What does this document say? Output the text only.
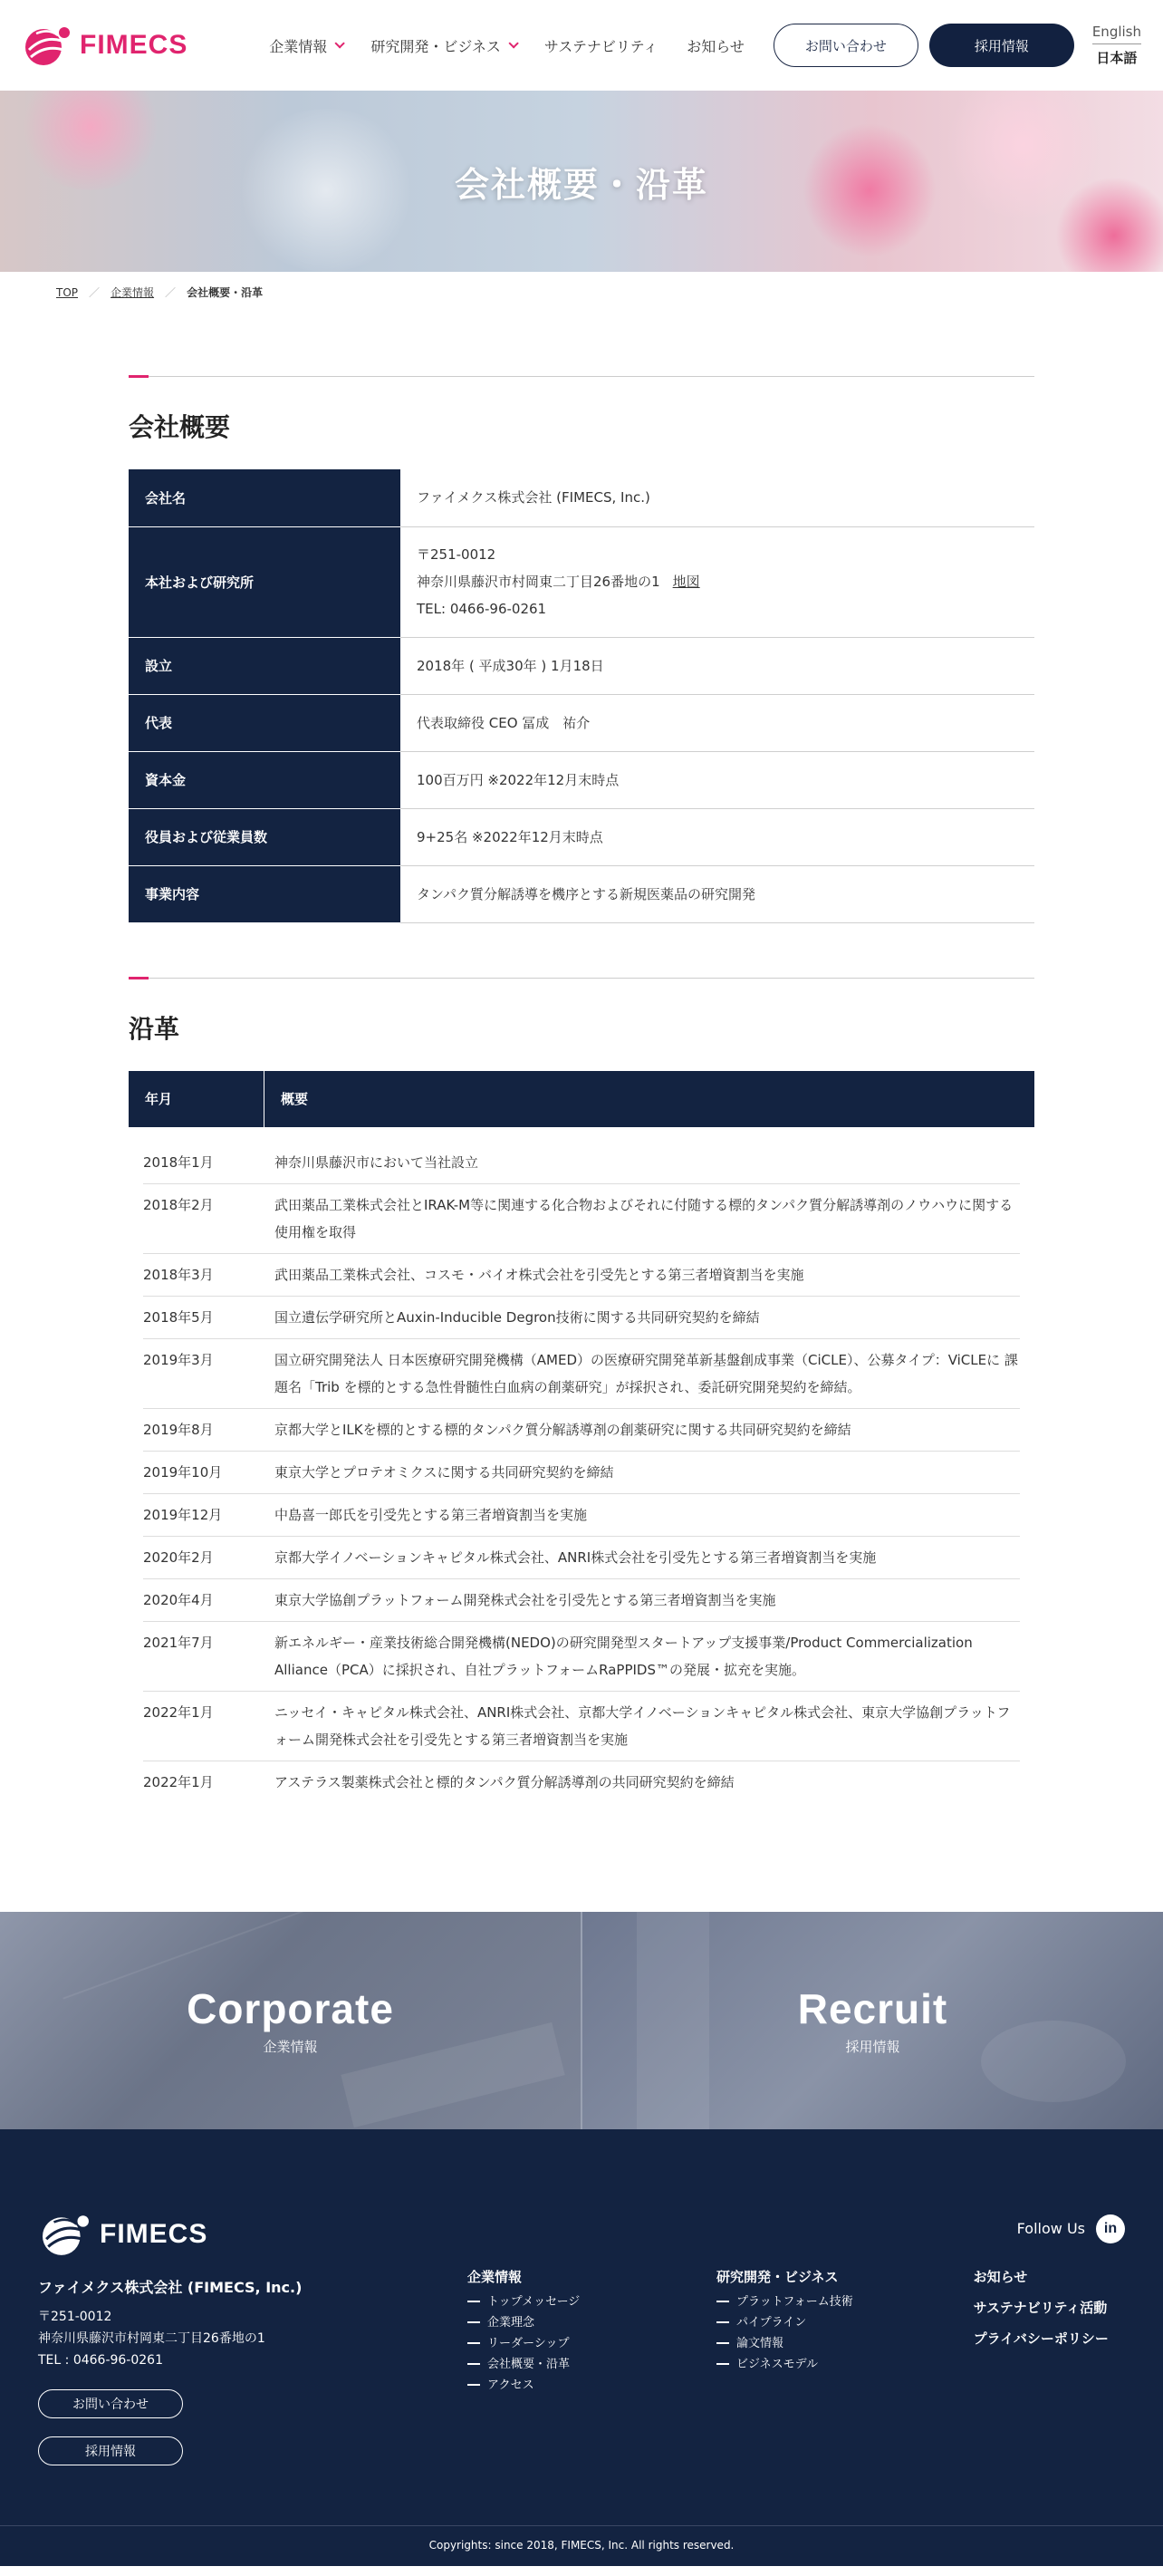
FIMECS	企業情報	研究開発・ビジネス	サステナビリティ お知らせ	お問い合わせ	採用情報
English
日本語
会社概要・沿革
TOP ／ 企業情報 ／ 会社概要・沿革
会社概要
会社名	ファイメクス株式会社 (FIMECS, Inc.)
本社および研究所	〒251-0012
神奈川県藤沢市村岡東二丁目26番地の1 地図
TEL: 0466-96-0261

設立	2018年 ( 平成30年 ) 1月18日
代表	代表取締役 CEO 冨成　祐介
資本金	100百万円 ※2022年12月末時点
役員および従業員数	9+25名 ※2022年12月末時点
事業内容	タンパク質分解誘導を機序とする新規医薬品の研究開発
沿革
年月	概要
2018年1月	神奈川県藤沢市において当社設立
2018年2月	武田薬品工業株式会社とIRAK-M等に関連する化合物およびそれに付随する標的タンパク質分解誘導剤のノウハウに関する使用権を取得
2018年3月	武田薬品工業株式会社、コスモ・バイオ株式会社を引受先とする第三者増資割当を実施
2018年5月	国立遺伝学研究所とAuxin-Inducible Degron技術に関する共同研究契約を締結
2019年3月	国立研究開発法人 日本医療研究開発機構（AMED）の医療研究開発革新基盤創成事業（CiCLE）、公募タイプ：ViCLEに 課題名「Trib を標的とする急性骨髄性白血病の創薬研究」が採択され、委託研究開発契約を締結。
2019年8月	京都大学とILKを標的とする標的タンパク質分解誘導剤の創薬研究に関する共同研究契約を締結
2019年10月	東京大学とプロテオミクスに関する共同研究契約を締結
2019年12月	中島喜一郎氏を引受先とする第三者増資割当を実施
2020年2月	京都大学イノベーションキャピタル株式会社、ANRI株式会社を引受先とする第三者増資割当を実施
2020年4月	東京大学協創プラットフォーム開発株式会社を引受先とする第三者増資割当を実施
2021年7月	新エネルギー・産業技術総合開発機構(NEDO)の研究開発型スタートアップ支援事業/Product Commercialization Alliance（PCA）に採択され、自社プラットフォームRaPPIDS™の発展・拡充を実施。
2022年1月	ニッセイ・キャピタル株式会社、ANRI株式会社、京都大学イノベーションキャピタル株式会社、東京大学協創プラットフォーム開発株式会社を引受先とする第三者増資割当を実施
2022年1月	アステラス製薬株式会社と標的タンパク質分解誘導剤の共同研究契約を締結
Corporate
企業情報
Recruit
採用情報
FIMECS
ファイメクス株式会社 (FIMECS, Inc.)
〒251-0012
神奈川県藤沢市村岡東二丁目26番地の1
TEL : 0466-96-0261
お問い合わせ
採用情報
企業情報
トップメッセージ
企業理念
リーダーシップ
会社概要・沿革
アクセス
研究開発・ビジネス
プラットフォーム技術
パイプライン
論文情報
ビジネスモデル
Follow Us	in
お知らせ
サステナビリティ活動
プライバシーポリシー
Copyrights: since 2018, FIMECS, Inc. All rights reserved.
